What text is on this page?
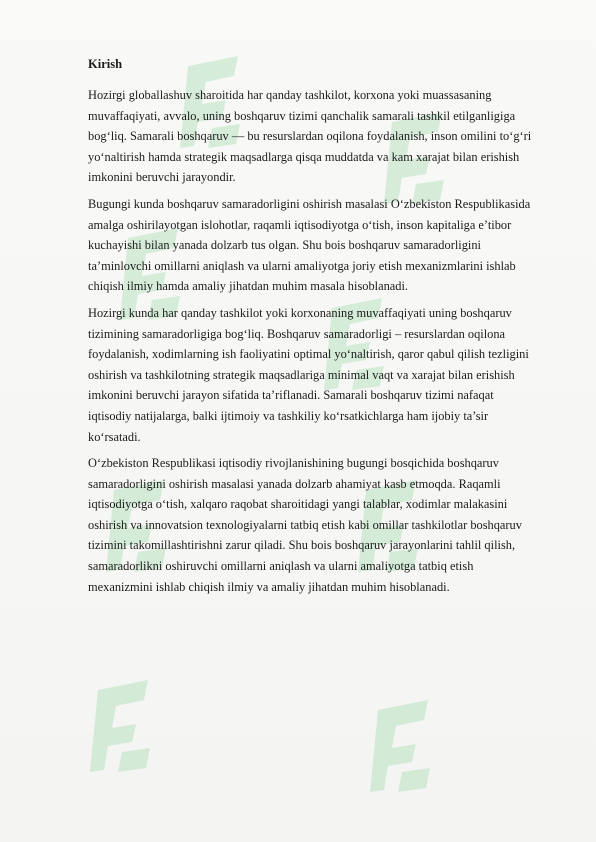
Kirish

Hozirgi globallashuv sharoitida har qanday tashkilot, korxona yoki muassasaning muvaffaqiyati, avvalo, uning boshqaruv tizimi qanchalik samarali tashkil etilganligiga bog‘liq. Samarali boshqaruv — bu resurslardan oqilona foydalanish, inson omilini to‘g‘ri yo‘naltirish hamda strategik maqsadlarga qisqa muddatda va kam xarajat bilan erishish imkonini beruvchi jarayondir.

Bugungi kunda boshqaruv samaradorligini oshirish masalasi O‘zbekiston Respublikasida amalga oshirilayotgan islohotlar, raqamli iqtisodiyotga o‘tish, inson kapitaliga e’tibor kuchayishi bilan yanada dolzarb tus olgan. Shu bois boshqaruv samaradorligini ta’minlovchi omillarni aniqlash va ularni amaliyotga joriy etish mexanizmlarini ishlab chiqish ilmiy hamda amaliy jihatdan muhim masala hisoblanadi.

Hozirgi kunda har qanday tashkilot yoki korxonaning muvaffaqiyati uning boshqaruv tizimining samaradorligiga bog‘liq. Boshqaruv samaradorligi – resurslardan oqilona foydalanish, xodimlarning ish faoliyatini optimal yo‘naltirish, qaror qabul qilish tezligini oshirish va tashkilotning strategik maqsadlariga minimal vaqt va xarajat bilan erishish imkonini beruvchi jarayon sifatida ta’riflanadi. Samarali boshqaruv tizimi nafaqat iqtisodiy natijalarga, balki ijtimoiy va tashkiliy ko‘rsatkichlarga ham ijobiy ta’sir ko‘rsatadi.

O‘zbekiston Respublikasi iqtisodiy rivojlanishining bugungi bosqichida boshqaruv samaradorligini oshirish masalasi yanada dolzarb ahamiyat kasb etmoqda. Raqamli iqtisodiyotga o‘tish, xalqaro raqobat sharoitidagi yangi talablar, xodimlar malakasini oshirish va innovatsion texnologiyalarni tatbiq etish kabi omillar tashkilotlar boshqaruv tizimini takomillashtirishni zarur qiladi. Shu bois boshqaruv jarayonlarini tahlil qilish, samaradorlikni oshiruvchi omillarni aniqlash va ularni amaliyotga tatbiq etish mexanizmini ishlab chiqish ilmiy va amaliy jihatdan muhim hisoblanadi.
